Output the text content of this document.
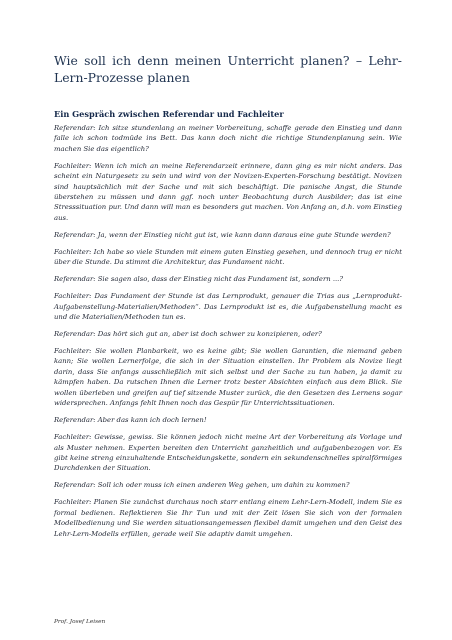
Wie soll ich denn meinen Unterricht planen? – Lehr-Lern-Prozesse planen
Ein Gespräch zwischen Referendar und Fachleiter

Referendar: Ich sitze stundenlang an meiner Vorbereitung, schaffe gerade den Einstieg und dann falle ich schon todmüde ins Bett. Das kann doch nicht die richtige Stundenplanung sein. Wie machen Sie das eigentlich?

Fachleiter: Wenn ich mich an meine Referendarzeit erinnere, dann ging es mir nicht anders. Das scheint ein Naturgesetz zu sein und wird von der Novizen-Experten-Forschung bestätigt. Novizen sind hauptsächlich mit der Sache und mit sich beschäftigt. Die panische Angst, die Stunde überstehen zu müssen und dann ggf. noch unter Beobachtung durch Ausbilder; das ist eine Stresssituation pur. Und dann will man es besonders gut machen. Von Anfang an, d.h. vom Einstieg aus.

Referendar: Ja, wenn der Einstieg nicht gut ist, wie kann dann daraus eine gute Stunde werden?

Fachleiter: Ich habe so viele Stunden mit einem guten Einstieg gesehen, und dennoch trug er nicht über die Stunde. Da stimmt die Architektur, das Fundament nicht.

Referendar: Sie sagen also, dass der Einstieg nicht das Fundament ist, sondern ...?

Fachleiter: Das Fundament der Stunde ist das Lernprodukt, genauer die Trias aus „Lernprodukt-Aufgabenstellung-Materialien/Methoden“. Das Lernprodukt ist es, die Aufgabenstellung macht es und die Materialien/Methoden tun es.

Referendar: Das hört sich gut an, aber ist doch schwer zu konzipieren, oder?

Fachleiter: Sie wollen Planbarkeit, wo es keine gibt; Sie wollen Garantien, die niemand geben kann; Sie wollen Lernerfolge, die sich in der Situation einstellen. Ihr Problem als Novize liegt darin, dass Sie anfangs ausschließlich mit sich selbst und der Sache zu tun haben, ja damit zu kämpfen haben. Da rutschen Ihnen die Lerner trotz bester Absichten einfach aus dem Blick. Sie wollen überleben und greifen auf tief sitzende Muster zurück, die den Gesetzen des Lernens sogar widersprechen. Anfangs fehlt Ihnen noch das Gespür für Unterrichtssituationen.

Referendar: Aber das kann ich doch lernen!

Fachleiter: Gewisse, gewiss. Sie können jedoch nicht meine Art der Vorbereitung als Vorlage und als Muster nehmen. Experten bereiten den Unterricht ganzheitlich und aufgabenbezogen vor. Es gibt keine streng einzuhaltende Entscheidungskette, sondern ein sekundenschnelles spiralförmiges Durchdenken der Situation.

Referendar: Soll ich oder muss ich einen anderen Weg gehen, um dahin zu kommen?

Fachleiter: Planen Sie zunächst durchaus noch starr entlang einem Lehr-Lern-Modell, indem Sie es formal bedienen. Reflektieren Sie Ihr Tun und mit der Zeit lösen Sie sich von der formalen Modellbedienung und Sie werden situationsangemessen flexibel damit umgehen und den Geist des Lehr-Lern-Modells erfüllen, gerade weil Sie adaptiv damit umgehen.

Prof. Josef Leisen
